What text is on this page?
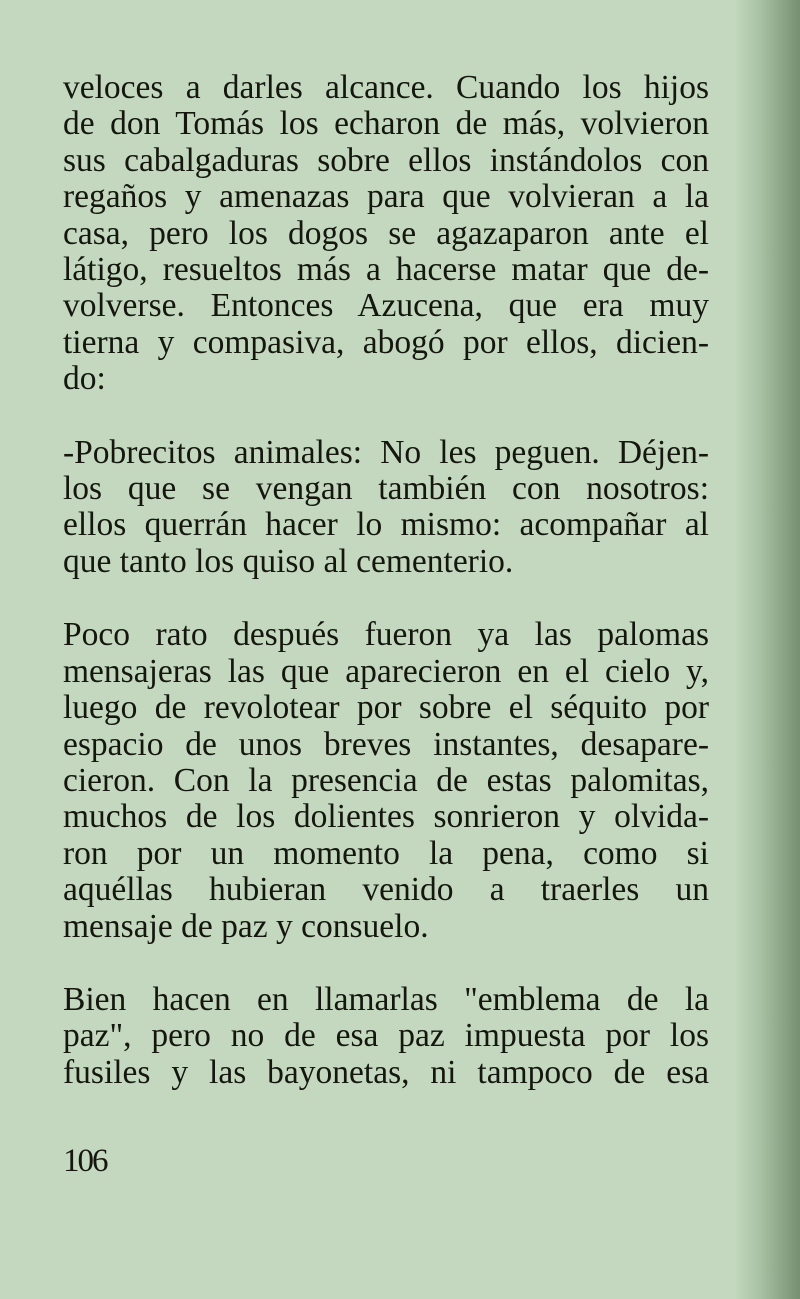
veloces a darles alcance. Cuando los hijos
de don Tomás los echaron de más, volvieron
sus cabalgaduras sobre ellos instándolos con
regaños y amenazas para que volvieran a la
casa, pero los dogos se agazaparon ante el
látigo, resueltos más a hacerse matar que de-
volverse. Entonces Azucena, que era muy
tierna y compasiva, abogó por ellos, dicien-
do:

-Pobrecitos animales: No les peguen. Déjen-
los que se vengan también con nosotros:
ellos querrán hacer lo mismo: acompañar al
que tanto los quiso al cementerio.

Poco rato después fueron ya las palomas
mensajeras las que aparecieron en el cielo y,
luego de revolotear por sobre el séquito por
espacio de unos breves instantes, desapare-
cieron. Con la presencia de estas palomitas,
muchos de los dolientes sonrieron y olvida-
ron por un momento la pena, como si
aquéllas hubieran venido a traerles un
mensaje de paz y consuelo.

Bien hacen en llamarlas "emblema de la
paz", pero no de esa paz impuesta por los
fusiles y las bayonetas, ni tampoco de esa

106
